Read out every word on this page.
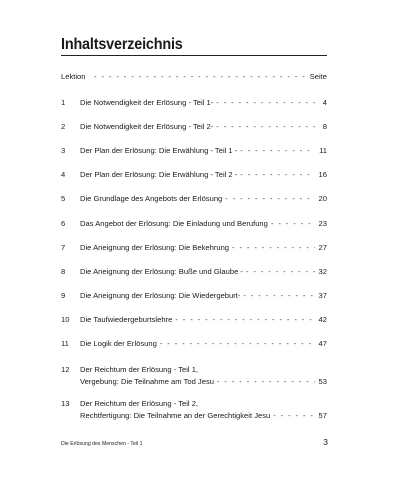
Inhaltsverzeichnis
Lektion - - -	Seite
1	Die Notwendigkeit der Erlösung - Teil 1- - - -	4
2	Die Notwendigkeit der Erlösung - Teil 2- - - -	8
3	Der Plan der Erlösung: Die Erwählung - Teil 1 - - - -	11
4	Der Plan der Erlösung: Die Erwählung - Teil 2 - - - -	16
5	Die Grundlage des Angebots der Erlösung - - -	20
6	Das Angebot der Erlösung: Die Einladung und Berufung - - -	23
7	Die Aneignung der Erlösung: Die Bekehrung - - -	27
8	Die Aneignung der Erlösung: Buße und Glaube - - - -	32
9	Die Aneignung der Erlösung: Die Wiedergeburt- - - -	37
10	Die Taufwiedergeburtslehre - - -	42
11	Die Logik der Erlösung - - -	47
12	Der Reichtum der Erlösung - Teil 1,
Vergebung: Die Teilnahme am Tod Jesu - - -	53
13	Der Reichtum der Erlösung - Teil 2,
Rechtfertigung: Die Teilnahme an der Gerechtigkeit Jesu - - -	57
Die Erlösung des Menschen - Teil 1	3
